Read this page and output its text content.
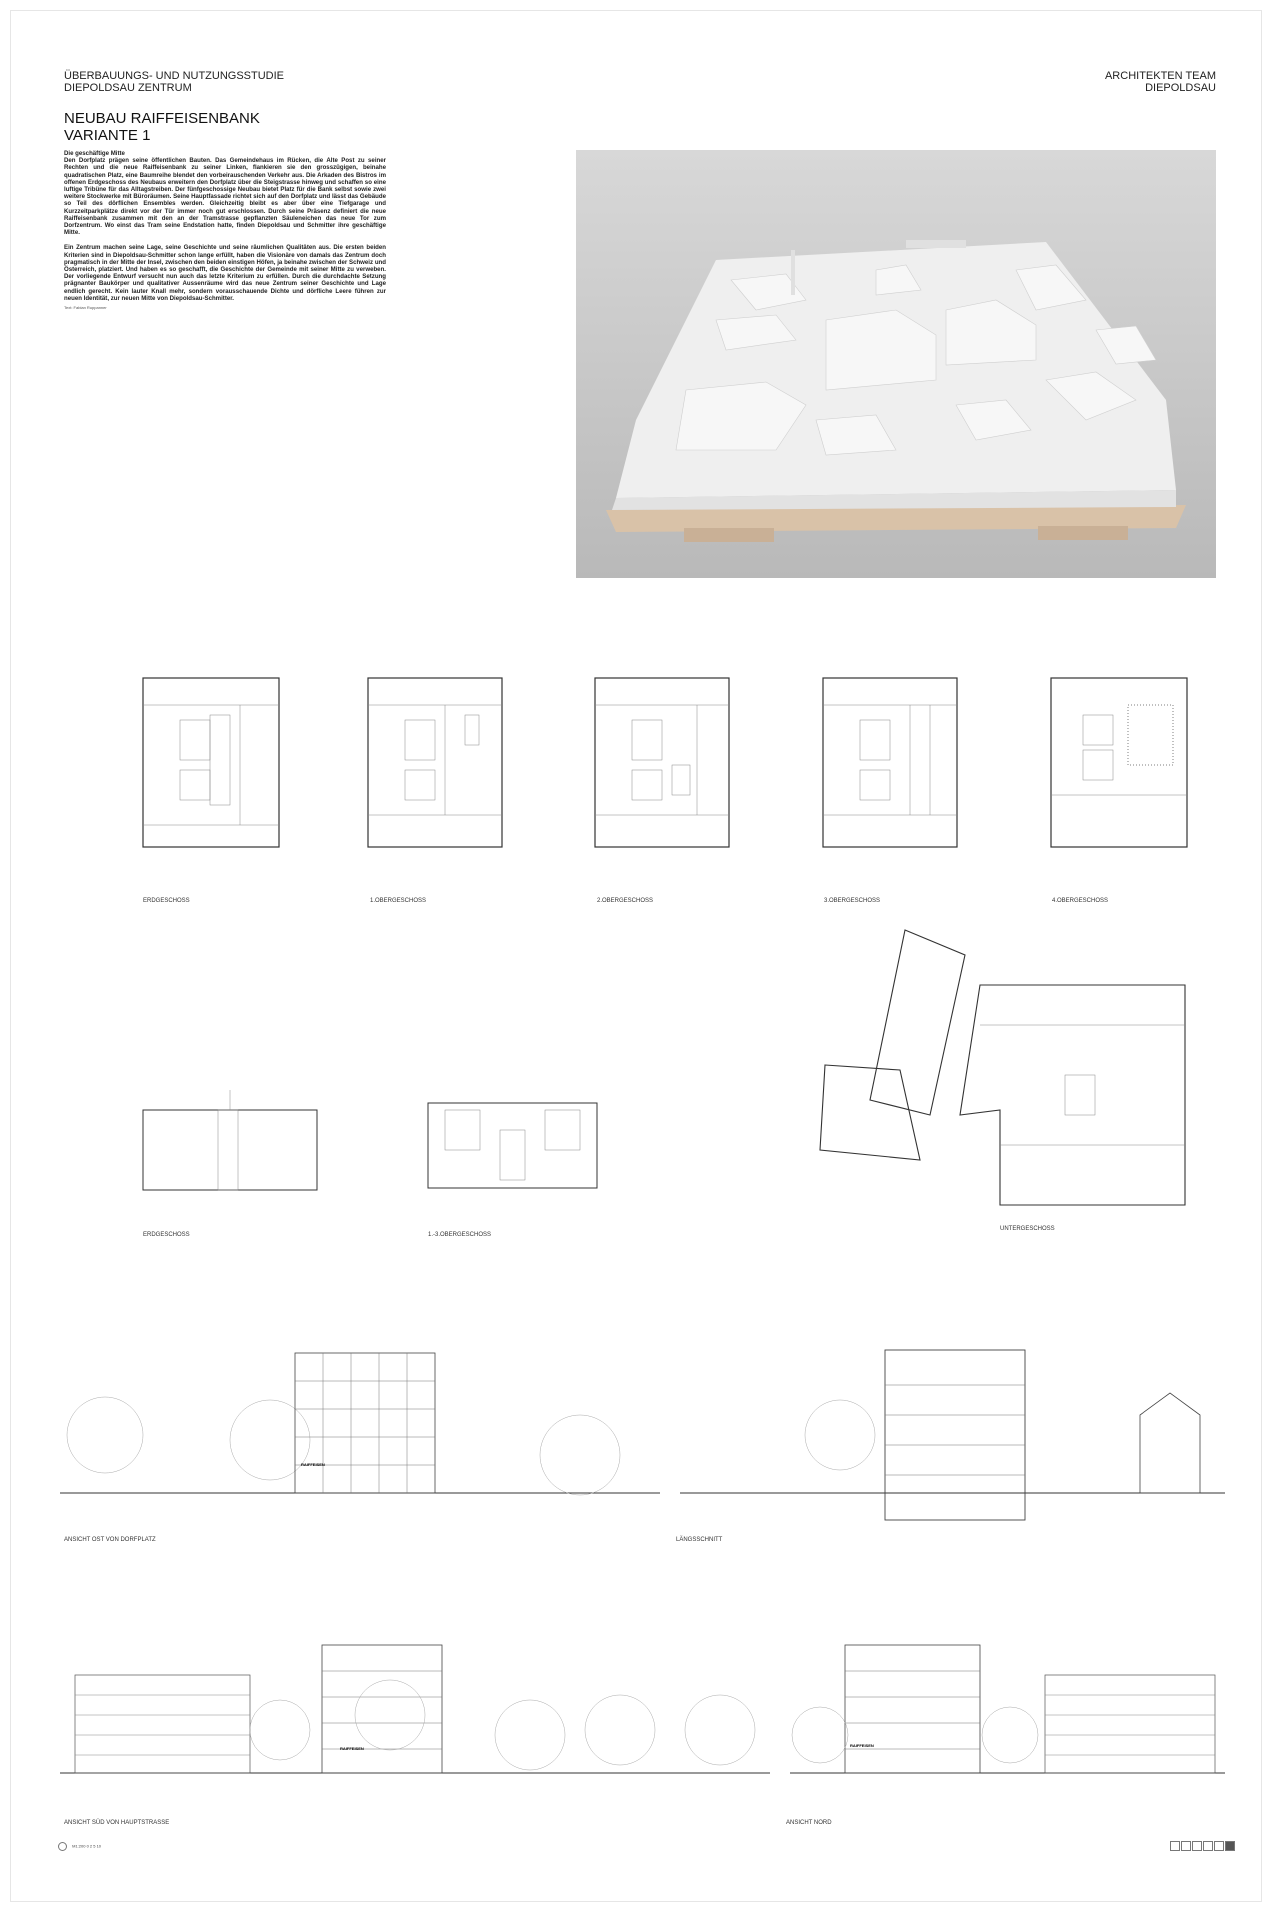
ÜBERBAUUNGS- UND NUTZUNGSSTUDIE
DIEPOLDSAU ZENTRUM
ARCHITEKTEN TEAM
DIEPOLDSAU
NEUBAU RAIFFEISENBANK
VARIANTE 1
Die geschäftige Mitte

Den Dorfplatz prägen seine öffentlichen Bauten. Das Gemeindehaus im Rücken, die Alte Post zu seiner Rechten und die neue Raiffeisenbank zu seiner Linken, flankieren sie den grosszügigen, beinahe quadratischen Platz, eine Baumreihe blendet den vorbeirauschenden Verkehr aus. Die Arkaden des Bistros im offenen Erdgeschoss des Neubaus erweitern den Dorfplatz über die Steigstrasse hinweg und schaffen so eine luftige Tribüne für das Alltagstreiben. Der fünfgeschossige Neubau bietet Platz für die Bank selbst sowie zwei weitere Stockwerke mit Büroräumen. Seine Hauptfassade richtet sich auf den Dorfplatz und lässt das Gebäude so Teil des dörflichen Ensembles werden. Gleichzeitig bleibt es aber über eine Tiefgarage und Kurzzeitparkplätze direkt vor der Tür immer noch gut erschlossen. Durch seine Präsenz definiert die neue Raiffeisenbank zusammen mit den an der Tramstrasse gepflanzten Säuleneichen das neue Tor zum Dorfzentrum. Wo einst das Tram seine Endstation hatte, finden Diepoldsau und Schmitter ihre geschäftige Mitte.

Ein Zentrum machen seine Lage, seine Geschichte und seine räumlichen Qualitäten aus. Die ersten beiden Kriterien sind in Diepoldsau-Schmitter schon lange erfüllt, haben die Visionäre von damals das Zentrum doch pragmatisch in der Mitte der Insel, zwischen den beiden einstigen Höfen, ja beinahe zwischen der Schweiz und Österreich, platziert. Und haben es so geschafft, die Geschichte der Gemeinde mit seiner Mitte zu verweben. Der vorliegende Entwurf versucht nun auch das letzte Kriterium zu erfüllen. Durch die durchdachte Setzung prägnanter Baukörper und qualitativer Aussenräume wird das neue Zentrum seiner Geschichte und Lage endlich gerecht. Kein lauter Knall mehr, sondern vorausschauende Dichte und dörfliche Leere führen zur neuen Identität, zur neuen Mitte von Diepoldsau-Schmitter.

Text: Fabian Ruppanner
ERDGESCHOSS	1.OBERGESCHOSS	2.OBERGESCHOSS	3.OBERGESCHOSS	4.OBERGESCHOSS
ERDGESCHOSS	1.-3.OBERGESCHOSS
UNTERGESCHOSS
RAIFFEISEN
ANSICHT OST VON DORFPLATZ	LÄNGSSCHNITT
RAIFFEISEN
RAIFFEISEN
ANSICHT SÜD VON HAUPTSTRASSE	ANSICHT NORD
M1:200 0 2 5 10
